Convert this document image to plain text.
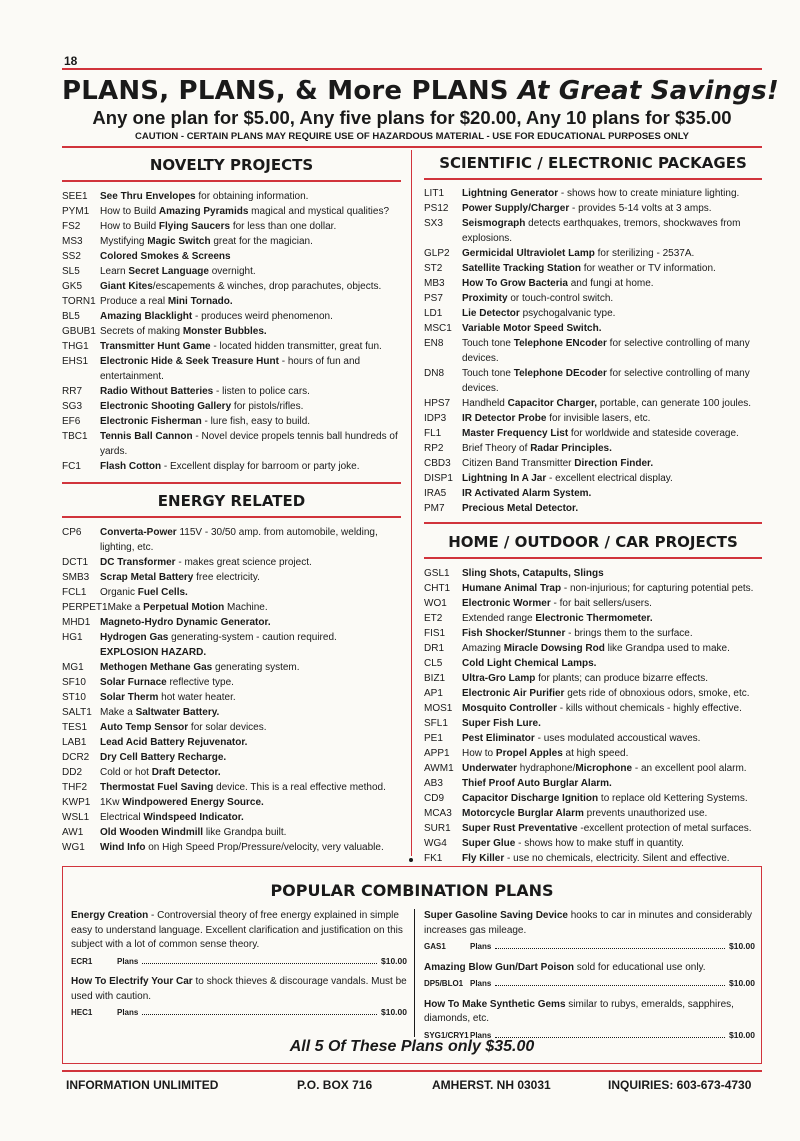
18
PLANS, PLANS, & More PLANS At Great Savings!
Any one plan for $5.00, Any five plans for $20.00, Any 10 plans for $35.00
CAUTION - CERTAIN PLANS MAY REQUIRE USE OF HAZARDOUS MATERIAL - USE FOR EDUCATIONAL PURPOSES ONLY
NOVELTY PROJECTS
SEE1	See Thru Envelopes for obtaining information.
PYM1	How to Build Amazing Pyramids magical and mystical qualities?
FS2	How to Build Flying Saucers for less than one dollar.
MS3	Mystifying Magic Switch great for the magician.
SS2	Colored Smokes & Screens
SL5	Learn Secret Language overnight.
GK5	Giant Kites/escapements & winches, drop parachutes, objects.
TORN1 Produce a real Mini Tornado.
BL5	Amazing Blacklight - produces weird phenomenon.
GBUB1 Secrets of making Monster Bubbles.
THG1	Transmitter Hunt Game - located hidden transmitter, great fun.
EHS1	Electronic Hide & Seek Treasure Hunt - hours of fun and entertainment.
RR7	Radio Without Batteries - listen to police cars.
SG3	Electronic Shooting Gallery for pistols/rifles.
EF6	Electronic Fisherman - lure fish, easy to build.
TBC1	Tennis Ball Cannon - Novel device propels tennis ball hundreds of yards.
FC1	Flash Cotton - Excellent display for barroom or party joke.
ENERGY RELATED
CP6	Converta-Power 115V - 30/50 amp. from automobile, welding, lighting, etc.
DCT1	DC Transformer - makes great science project.
SMB3	Scrap Metal Battery free electricity.
FCL1	Organic Fuel Cells.
PERPET1 Make a Perpetual Motion Machine.
MHD1 Magneto-Hydro Dynamic Generator.
HG1	Hydrogen Gas generating-system - caution required.
EXPLOSION HAZARD.
MG1	Methogen Methane Gas generating system.
SF10	Solar Furnace reflective type.
ST10	Solar Therm hot water heater.
SALT1 Make a Saltwater Battery.
TES1	Auto Temp Sensor for solar devices.
LAB1	Lead Acid Battery Rejuvenator.
DCR2	Dry Cell Battery Recharge.
DD2	Cold or hot Draft Detector.
THF2	Thermostat Fuel Saving device. This is a real effective method.
KWP1 1Kw Windpowered Energy Source.
WSL1	Electrical Windspeed Indicator.
AW1	Old Wooden Windmill like Grandpa built.
WG1	Wind Info on High Speed Prop/Pressure/velocity, very valuable.
SCIENTIFIC / ELECTRONIC PACKAGES
LIT1	Lightning Generator - shows how to create miniature lighting.
PS12	Power Supply/Charger - provides 5-14 volts at 3 amps.
SX3	Seismograph detects earthquakes, tremors, shockwaves from explosions.
GLP2	Germicidal Ultraviolet Lamp for sterilizing - 2537A.
ST2	Satellite Tracking Station for weather or TV information.
MB3	How To Grow Bacteria and fungi at home.
PS7	Proximity or touch-control switch.
LD1	Lie Detector psychogalvanic type.
MSC1	Variable Motor Speed Switch.
EN8	Touch tone Telephone ENcoder for selective controlling of many devices.
DN8	Touch tone Telephone DEcoder for selective controlling of many devices.
HPS7	Handheld Capacitor Charger, portable, can generate 100 joules.
IDP3	IR Detector Probe for invisible lasers, etc.
FL1	Master Frequency List for worldwide and stateside coverage.
RP2	Brief Theory of Radar Principles.
CBD3	Citizen Band Transmitter Direction Finder.
DISP1 Lightning In A Jar - excellent electrical display.
IRA5	IR Activated Alarm System.
PM7	Precious Metal Detector.
HOME / OUTDOOR / CAR PROJECTS
GSL1	Sling Shots, Catapults, Slings
CHT1	Humane Animal Trap - non-injurious; for capturing potential pets.
WO1	Electronic Wormer - for bait sellers/users.
ET2	Extended range Electronic Thermometer.
FIS1	Fish Shocker/Stunner - brings them to the surface.
DR1	Amazing Miracle Dowsing Rod like Grandpa used to make.
CL5	Cold Light Chemical Lamps.
BIZ1	Ultra-Gro Lamp for plants; can produce bizarre effects.
AP1	Electronic Air Purifier gets ride of obnoxious odors, smoke, etc.
MOS1 Mosquito Controller - kills without chemicals - highly effective.
SFL1	Super Fish Lure.
PE1	Pest Eliminator - uses modulated accoustical waves.
APP1	How to Propel Apples at high speed.
AWM1 Underwater hydraphone/Microphone - an excellent pool alarm.
AB3	Thief Proof Auto Burglar Alarm.
CD9	Capacitor Discharge Ignition to replace old Kettering Systems.
MCA3	Motorcycle Burglar Alarm prevents unauthorized use.
SUR1	Super Rust Preventative -excellent protection of metal surfaces.
WG4	Super Glue - shows how to make stuff in quantity.
FK1	Fly Killer - use no chemicals, electricity. Silent and effective.
POPULAR COMBINATION PLANS

Energy Creation - Controversial theory of free energy explained in simple easy to understand language. Excellent clarification and justification on this subject with a lot of common sense theory.

ECR1	Plans	$10.00

How To Electrify Your Car to shock thieves & discourage vandals. Must be used with caution.

HEC1	Plans	$10.00

Super Gasoline Saving Device hooks to car in minutes and considerably increases gas mileage.

GAS1	Plans	$10.00

Amazing Blow Gun/Dart Poison sold for educational use only.

DP5/BLO1 Plans	$10.00

How To Make Synthetic Gems similar to rubys, emeralds, sapphires, diamonds, etc.

SYG1/CRY1 Plans	$10.00
All 5 Of These Plans only $35.00
INFORMATION UNLIMITED	P.O. BOX 716	AMHERST. NH 03031	INQUIRIES: 603-673-4730
